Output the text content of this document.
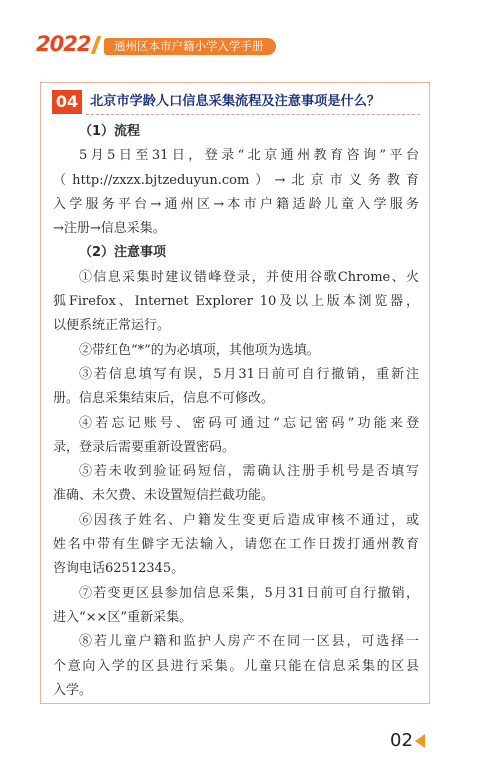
2022	通州区本市户籍小学入学手册
04 北京市学龄人口信息采集流程及注意事项是什么？
（1）流程
5月5日至31日，登录“北京通州教育咨询”平台
（http://zxzx.bjtzeduyun.com）→北京市义务教育
入学服务平台→通州区→本市户籍适龄儿童入学服务
→注册→信息采集。
（2）注意事项
①信息采集时建议错峰登录，并使用谷歌Chrome、火
狐Firefox、Internet Explorer 10及以上版本浏览器，
以便系统正常运行。
②带红色“*”的为必填项，其他项为选填。
③若信息填写有误，5月31日前可自行撤销，重新注
册。信息采集结束后，信息不可修改。
④若忘记账号、密码可通过“忘记密码”功能来登
录，登录后需要重新设置密码。
⑤若未收到验证码短信，需确认注册手机号是否填写
准确、未欠费、未设置短信拦截功能。
⑥因孩子姓名、户籍发生变更后造成审核不通过，或
姓名中带有生僻字无法输入，请您在工作日拨打通州教育
咨询电话62512345。
⑦若变更区县参加信息采集，5月31日前可自行撤销，
进入“××区”重新采集。
⑧若儿童户籍和监护人房产不在同一区县，可选择一
个意向入学的区县进行采集。儿童只能在信息采集的区县
入学。
02
